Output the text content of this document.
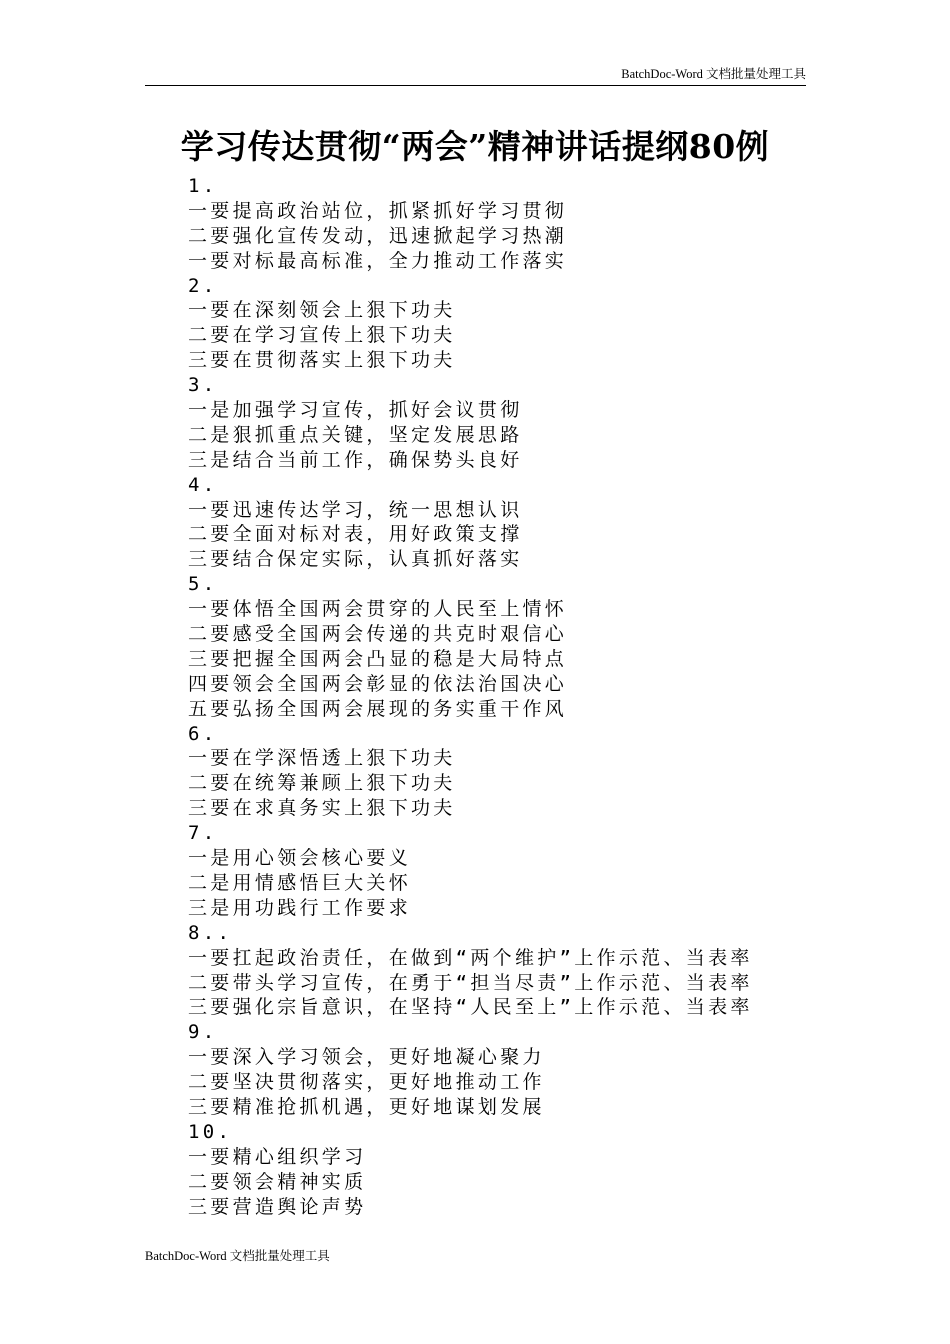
BatchDoc-Word 文档批量处理工具
学习传达贯彻“两会”精神讲话提纲80例
1.
一要提高政治站位，抓紧抓好学习贯彻
二要强化宣传发动，迅速掀起学习热潮
一要对标最高标准，全力推动工作落实
2.
一要在深刻领会上狠下功夫
二要在学习宣传上狠下功夫
三要在贯彻落实上狠下功夫
3.
一是加强学习宣传，抓好会议贯彻
二是狠抓重点关键，坚定发展思路
三是结合当前工作，确保势头良好
4.
一要迅速传达学习，统一思想认识
二要全面对标对表，用好政策支撑
三要结合保定实际，认真抓好落实
5.
一要体悟全国两会贯穿的人民至上情怀
二要感受全国两会传递的共克时艰信心
三要把握全国两会凸显的稳是大局特点
四要领会全国两会彰显的依法治国决心
五要弘扬全国两会展现的务实重干作风
6.
一要在学深悟透上狠下功夫
二要在统筹兼顾上狠下功夫
三要在求真务实上狠下功夫
7.
一是用心领会核心要义
二是用情感悟巨大关怀
三是用功践行工作要求
8..
一要扛起政治责任，在做到“两个维护”上作示范、当表率
二要带头学习宣传，在勇于“担当尽责”上作示范、当表率
三要强化宗旨意识，在坚持“人民至上”上作示范、当表率
9.
一要深入学习领会，更好地凝心聚力
二要坚决贯彻落实，更好地推动工作
三要精准抢抓机遇，更好地谋划发展
10.
一要精心组织学习
二要领会精神实质
三要营造舆论声势
BatchDoc-Word 文档批量处理工具
